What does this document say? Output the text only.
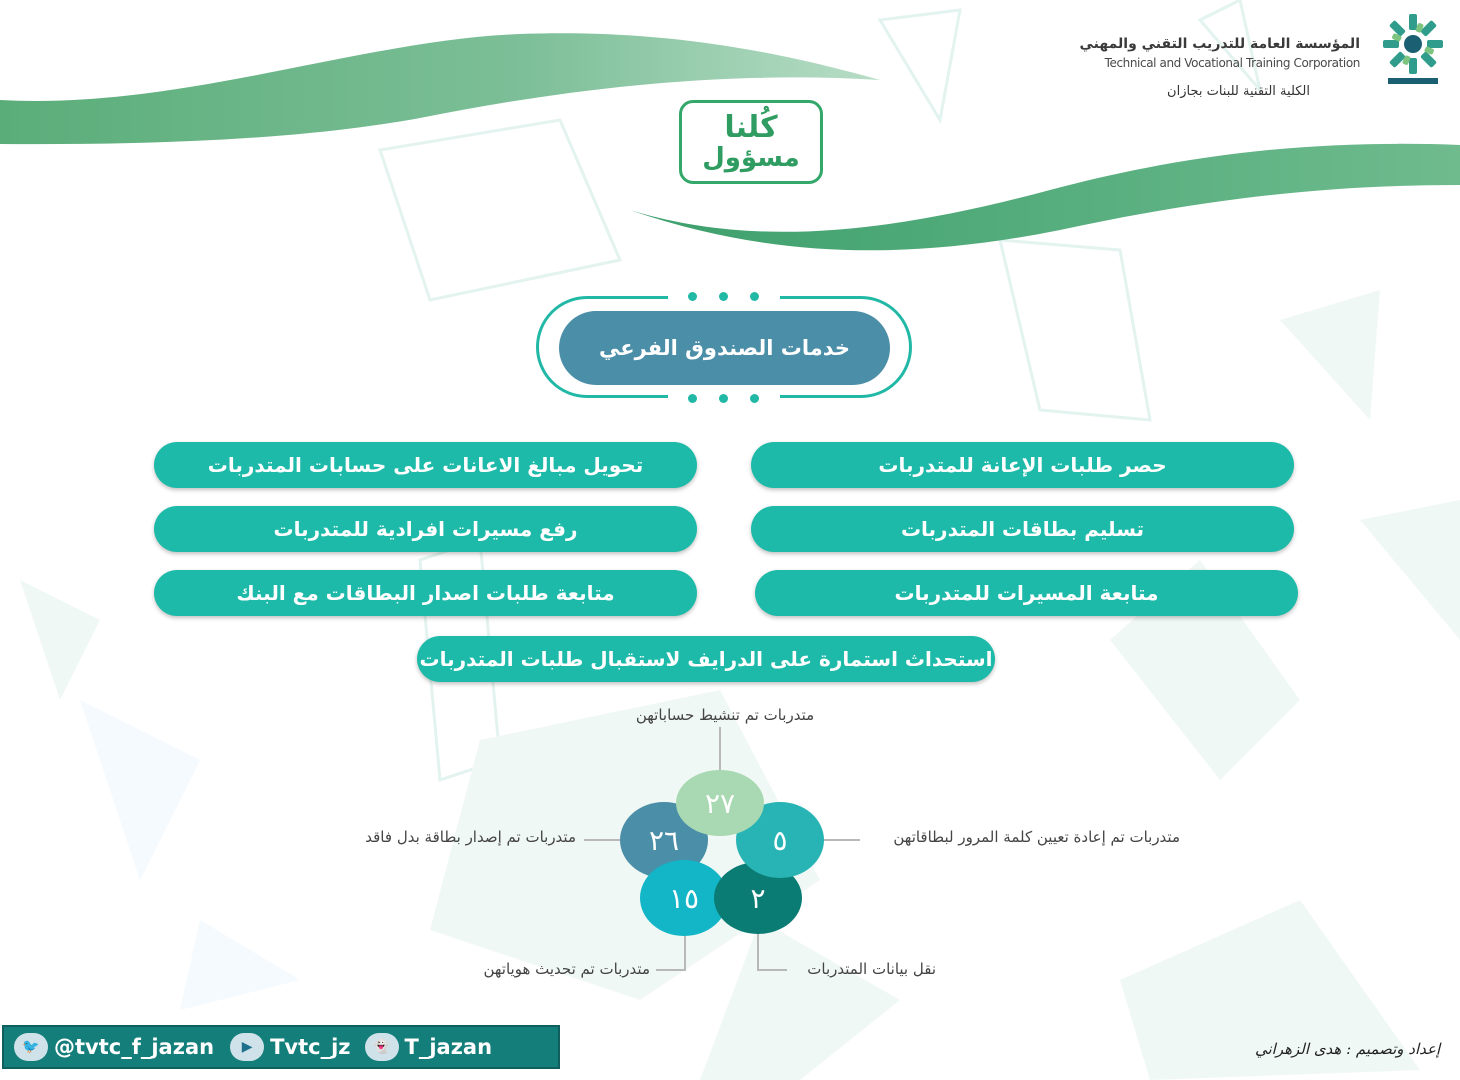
المؤسسة العامة للتدريب التقني والمهني
Technical and Vocational Training Corporation
الكلية التقنية للبنات بجازان
كُلنا
مسؤول
خدمات الصندوق الفرعي
حصر طلبات الإعانة للمتدربات
تحويل مبالغ الاعانات على حسابات المتدربات
تسليم بطاقات المتدربات
رفع مسيرات افرادية للمتدربات
متابعة المسيرات للمتدربات
متابعة طلبات اصدار البطاقات مع البنك
استحداث استمارة على الدرايف لاستقبال طلبات المتدربات
٢٦
١٥ ٢
٥
٢٧
متدربات تم تنشيط حساباتهن
متدربات تم إعادة تعيين كلمة المرور لبطاقاتهن
متدربات تم إصدار بطاقة بدل فاقد
نقل بيانات المتدربات
متدربات تم تحديث هوياتهن
🐦 @tvtc_f_jazan	▶ Tvtc_jz	👻 T_jazan	إعداد وتصميم : هدى الزهراني
